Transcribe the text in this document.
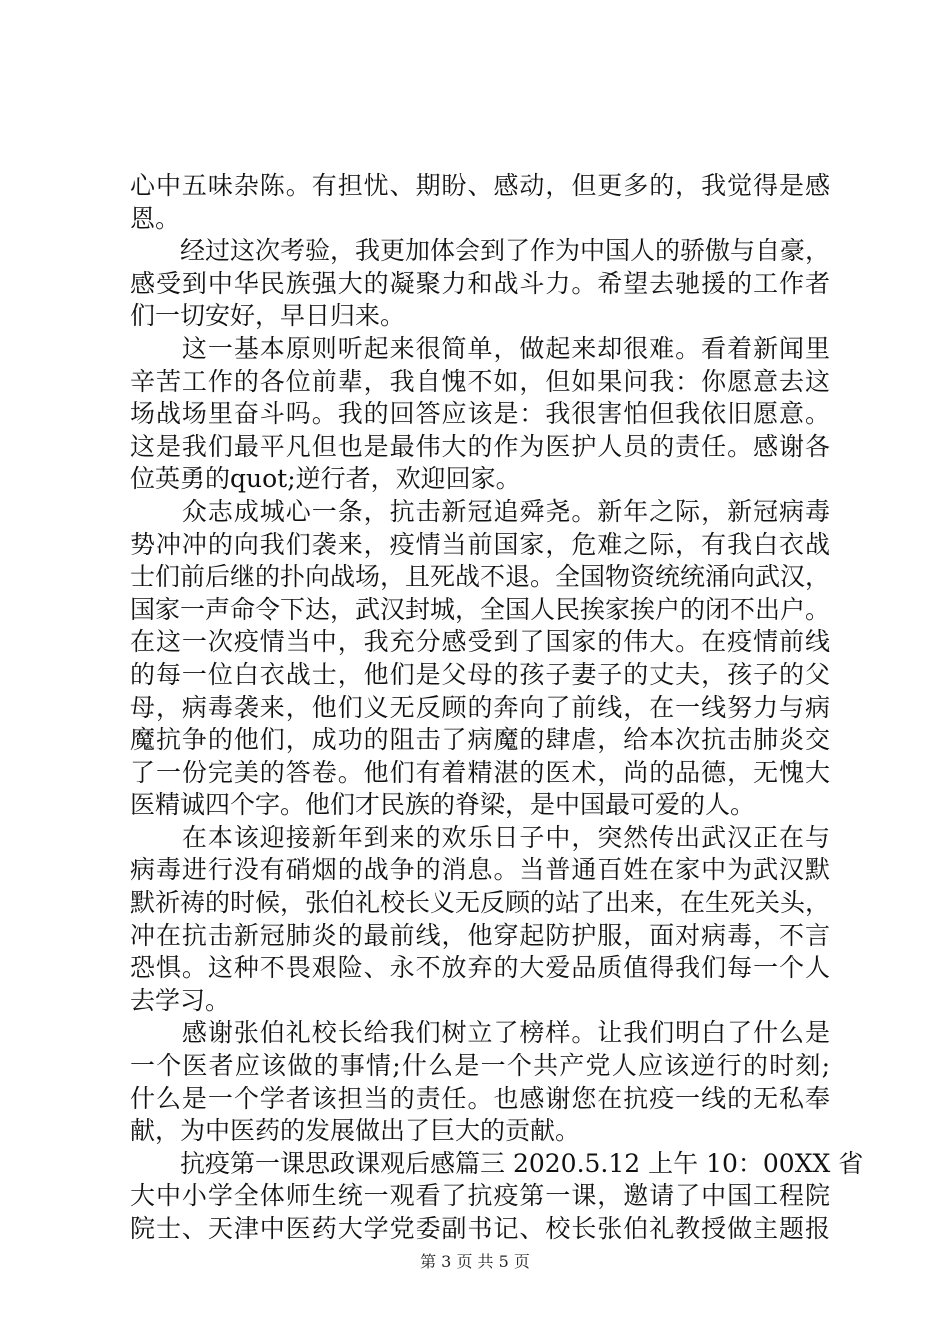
心中五味杂陈。有担忧、期盼、感动，但更多的，我觉得是感
恩。
　　经过这次考验，我更加体会到了作为中国人的骄傲与自豪，
感受到中华民族强大的凝聚力和战斗力。希望去驰援的工作者
们一切安好，早日归来。
　　这一基本原则听起来很简单，做起来却很难。看着新闻里
辛苦工作的各位前辈，我自愧不如，但如果问我：你愿意去这
场战场里奋斗吗。我的回答应该是：我很害怕但我依旧愿意。
这是我们最平凡但也是最伟大的作为医护人员的责任。感谢各
位英勇的quot;逆行者，欢迎回家。
　　众志成城心一条，抗击新冠追舜尧。新年之际，新冠病毒
势冲冲的向我们袭来，疫情当前国家，危难之际，有我白衣战
士们前后继的扑向战场，且死战不退。全国物资统统涌向武汉，
国家一声命令下达，武汉封城，全国人民挨家挨户的闭不出户。
在这一次疫情当中，我充分感受到了国家的伟大。在疫情前线
的每一位白衣战士，他们是父母的孩子妻子的丈夫，孩子的父
母，病毒袭来，他们义无反顾的奔向了前线，在一线努力与病
魔抗争的他们，成功的阻击了病魔的肆虐，给本次抗击肺炎交
了一份完美的答卷。他们有着精湛的医术，尚的品德，无愧大
医精诚四个字。他们才民族的脊梁，是中国最可爱的人。
　　在本该迎接新年到来的欢乐日子中，突然传出武汉正在与
病毒进行没有硝烟的战争的消息。当普通百姓在家中为武汉默
默祈祷的时候，张伯礼校长义无反顾的站了出来，在生死关头，
冲在抗击新冠肺炎的最前线，他穿起防护服，面对病毒，不言
恐惧。这种不畏艰险、永不放弃的大爱品质值得我们每一个人
去学习。
　　感谢张伯礼校长给我们树立了榜样。让我们明白了什么是
一个医者应该做的事情;什么是一个共产党人应该逆行的时刻;
什么是一个学者该担当的责任。也感谢您在抗疫一线的无私奉
献，为中医药的发展做出了巨大的贡献。
　　抗疫第一课思政课观后感篇三 2020.5.12 上午 10：00XX 省
大中小学全体师生统一观看了抗疫第一课，邀请了中国工程院
院士、天津中医药大学党委副书记、校长张伯礼教授做主题报
第 3 页 共 5 页
